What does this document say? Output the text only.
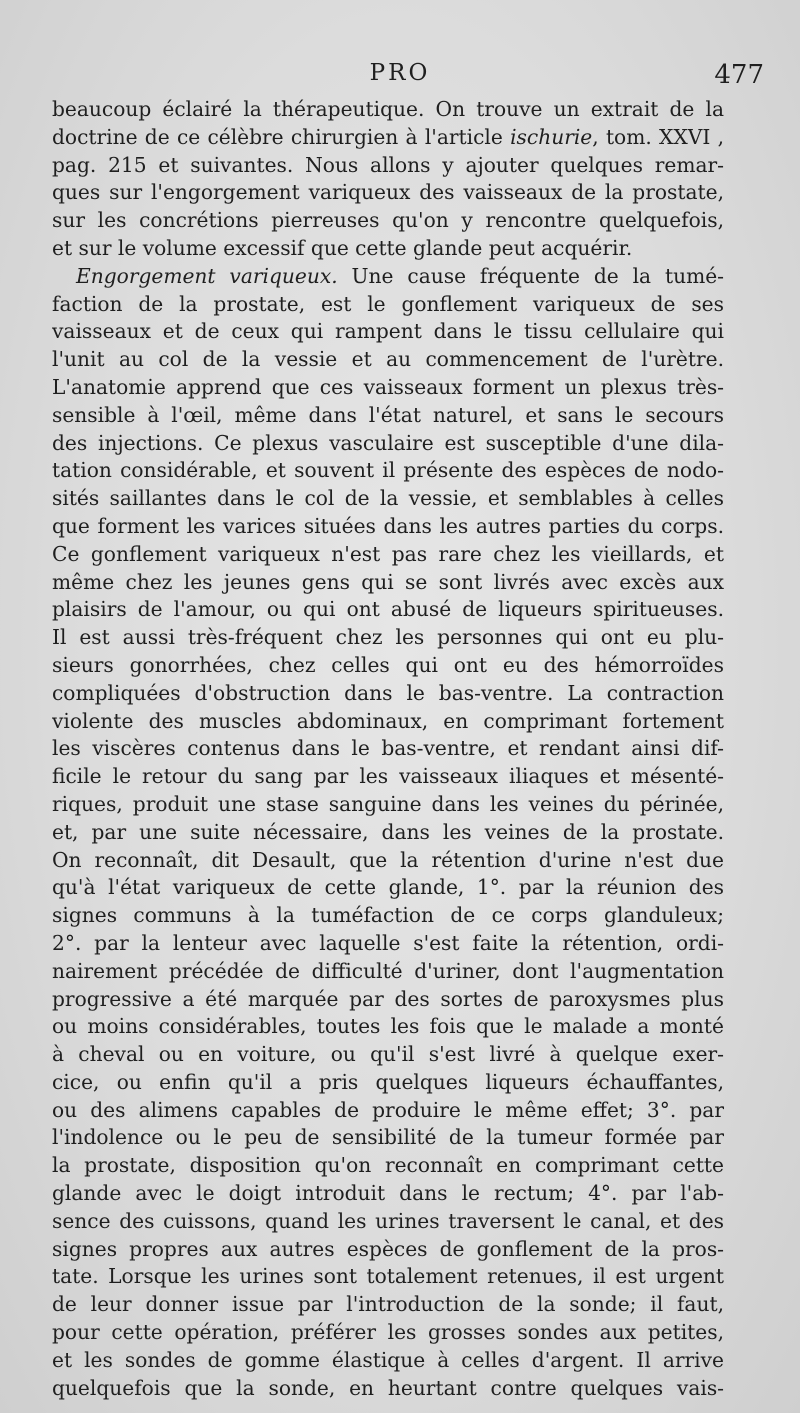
PRO	477
beaucoup éclairé la thérapeutique. On trouve un extrait de la
doctrine de ce célèbre chirurgien à l'article ischurie, tom. XXVI ,
pag. 215 et suivantes. Nous allons y ajouter quelques remar-
ques sur l'engorgement variqueux des vaisseaux de la prostate,
sur les concrétions pierreuses qu'on y rencontre quelquefois,
et sur le volume excessif que cette glande peut acquérir.
Engorgement variqueux. Une cause fréquente de la tumé-
faction de la prostate, est le gonflement variqueux de ses
vaisseaux et de ceux qui rampent dans le tissu cellulaire qui
l'unit au col de la vessie et au commencement de l'urètre.
L'anatomie apprend que ces vaisseaux forment un plexus très-
sensible à l'œil, même dans l'état naturel, et sans le secours
des injections. Ce plexus vasculaire est susceptible d'une dila-
tation considérable, et souvent il présente des espèces de nodo-
sités saillantes dans le col de la vessie, et semblables à celles
que forment les varices situées dans les autres parties du corps.
Ce gonflement variqueux n'est pas rare chez les vieillards, et
même chez les jeunes gens qui se sont livrés avec excès aux
plaisirs de l'amour, ou qui ont abusé de liqueurs spiritueuses.
Il est aussi très-fréquent chez les personnes qui ont eu plu-
sieurs gonorrhées, chez celles qui ont eu des hémorroïdes
compliquées d'obstruction dans le bas-ventre. La contraction
violente des muscles abdominaux, en comprimant fortement
les viscères contenus dans le bas-ventre, et rendant ainsi dif-
ficile le retour du sang par les vaisseaux iliaques et mésenté-
riques, produit une stase sanguine dans les veines du périnée,
et, par une suite nécessaire, dans les veines de la prostate.
On reconnaît, dit Desault, que la rétention d'urine n'est due
qu'à l'état variqueux de cette glande, 1°. par la réunion des
signes communs à la tuméfaction de ce corps glanduleux;
2°. par la lenteur avec laquelle s'est faite la rétention, ordi-
nairement précédée de difficulté d'uriner, dont l'augmentation
progressive a été marquée par des sortes de paroxysmes plus
ou moins considérables, toutes les fois que le malade a monté
à cheval ou en voiture, ou qu'il s'est livré à quelque exer-
cice, ou enfin qu'il a pris quelques liqueurs échauffantes,
ou des alimens capables de produire le même effet; 3°. par
l'indolence ou le peu de sensibilité de la tumeur formée par
la prostate, disposition qu'on reconnaît en comprimant cette
glande avec le doigt introduit dans le rectum; 4°. par l'ab-
sence des cuissons, quand les urines traversent le canal, et des
signes propres aux autres espèces de gonflement de la pros-
tate. Lorsque les urines sont totalement retenues, il est urgent
de leur donner issue par l'introduction de la sonde; il faut,
pour cette opération, préférer les grosses sondes aux petites,
et les sondes de gomme élastique à celles d'argent. Il arrive
quelquefois que la sonde, en heurtant contre quelques vais-
